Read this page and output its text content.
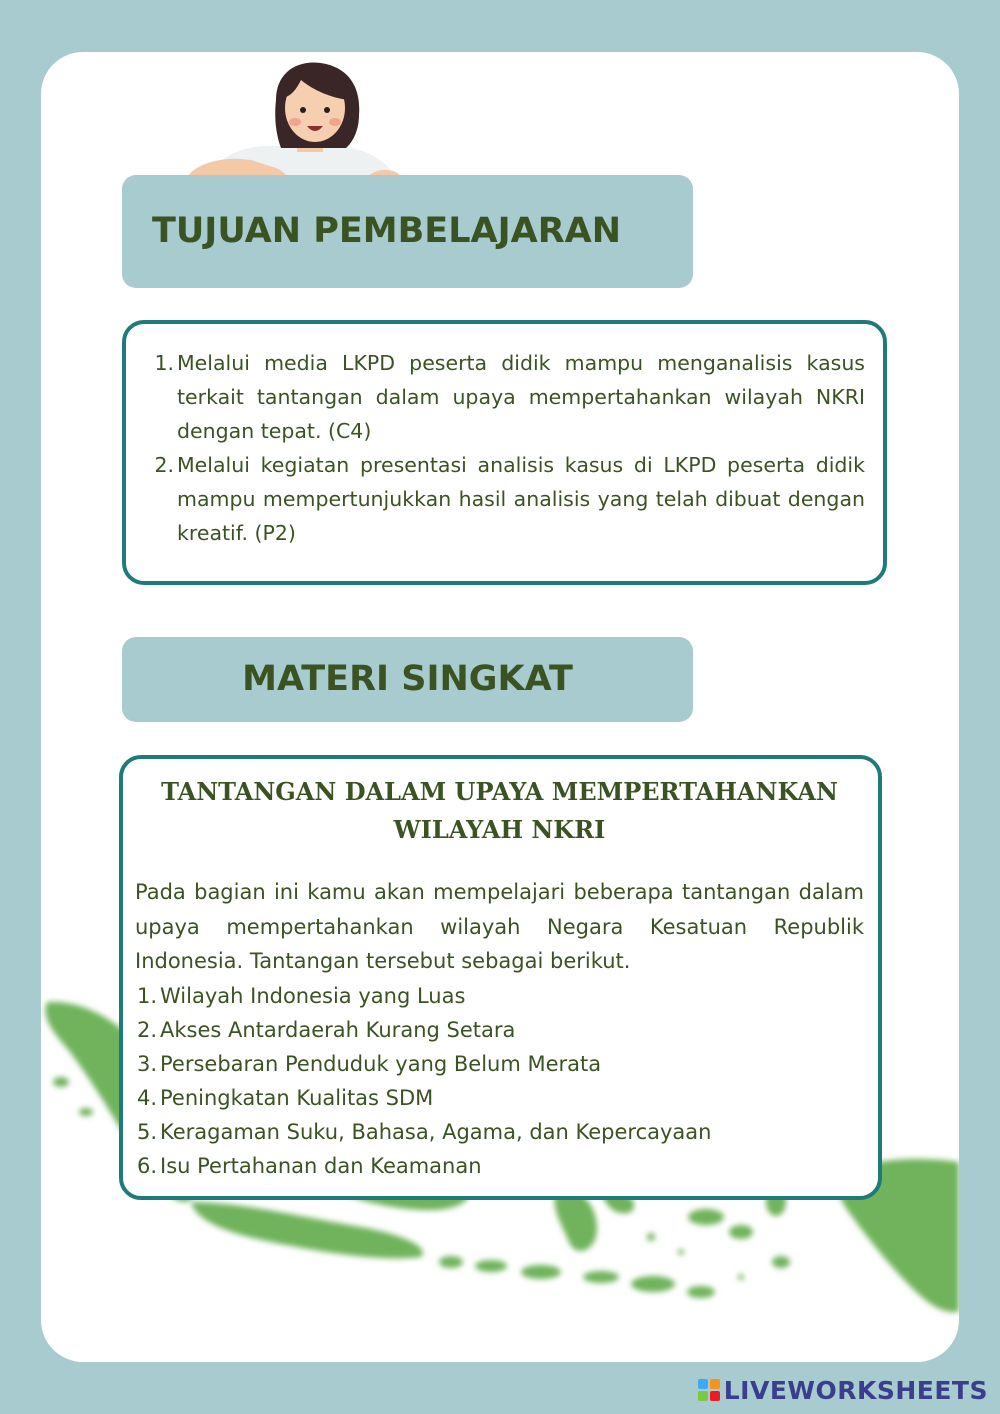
TUJUAN PEMBELAJARAN
1. Melalui media LKPD peserta didik mampu menganalisis kasus terkait tantangan dalam upaya mempertahankan wilayah NKRI dengan tepat. (C4)
2. Melalui kegiatan presentasi analisis kasus di LKPD peserta didik mampu mempertunjukkan hasil analisis yang telah dibuat dengan kreatif. (P2)
MATERI SINGKAT
TANTANGAN DALAM UPAYA MEMPERTAHANKAN WILAYAH NKRI
Pada bagian ini kamu akan mempelajari beberapa tantangan dalam upaya mempertahankan wilayah Negara Kesatuan Republik Indonesia. Tantangan tersebut sebagai berikut.
1. Wilayah Indonesia yang Luas
2. Akses Antardaerah Kurang Setara
3. Persebaran Penduduk yang Belum Merata
4. Peningkatan Kualitas SDM
5. Keragaman Suku, Bahasa, Agama, dan Kepercayaan
6. Isu Pertahanan dan Keamanan
LIVEWORKSHEETS
